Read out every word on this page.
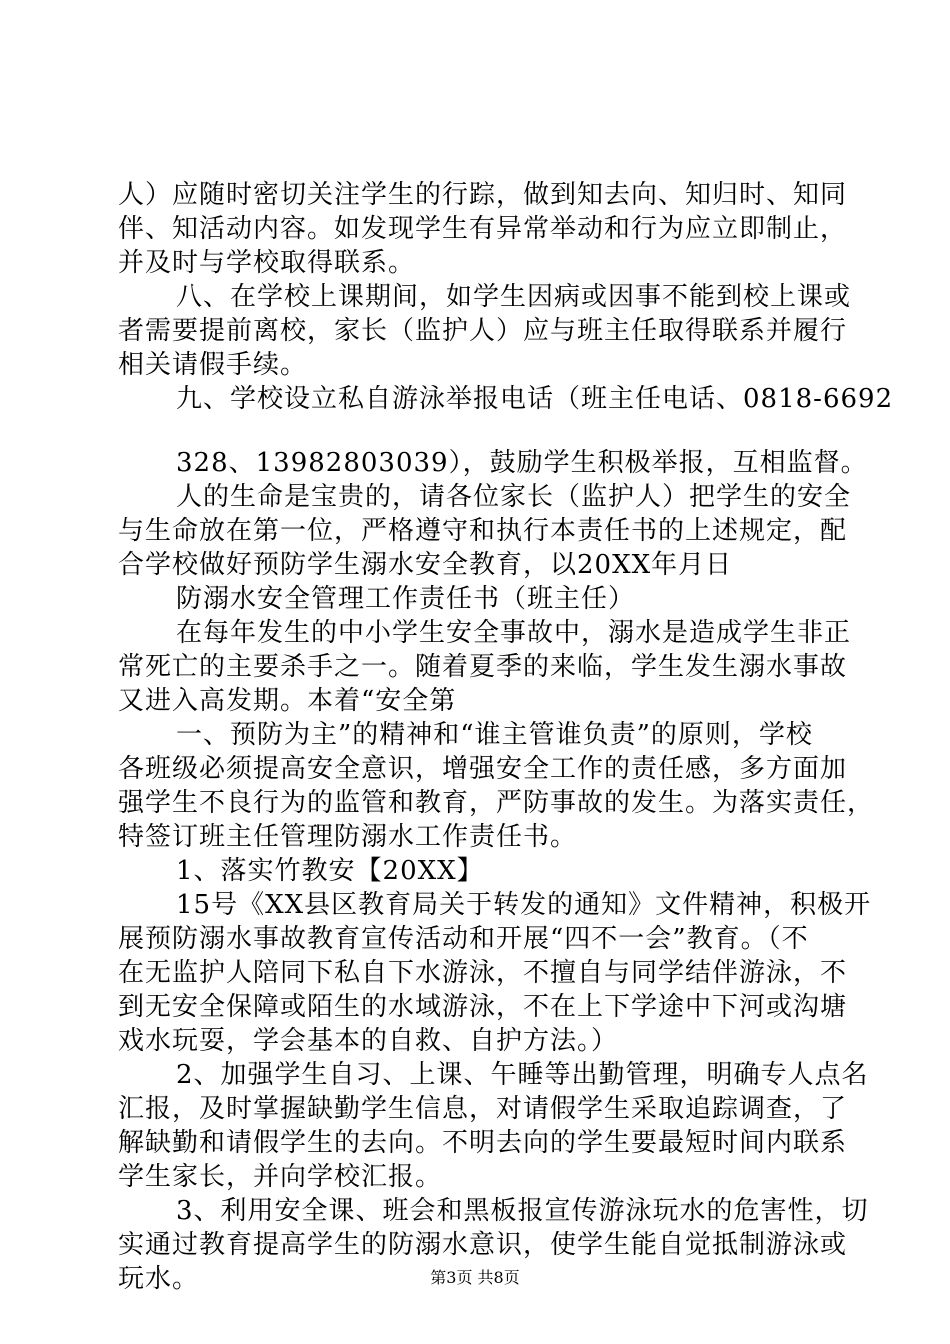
人）应随时密切关注学生的行踪，做到知去向、知归时、知同
伴、知活动内容。如发现学生有异常举动和行为应立即制止，
并及时与学校取得联系。
八、在学校上课期间，如学生因病或因事不能到校上课或
者需要提前离校，家长（监护人）应与班主任取得联系并履行
相关请假手续。
九、学校设立私自游泳举报电话（班主任电话、0818-6692
328、13982803039），鼓励学生积极举报，互相监督。
人的生命是宝贵的，请各位家长（监护人）把学生的安全
与生命放在第一位，严格遵守和执行本责任书的上述规定，配
合学校做好预防学生溺水安全教育，以20XX年月日
防溺水安全管理工作责任书（班主任）
在每年发生的中小学生安全事故中，溺水是造成学生非正
常死亡的主要杀手之一。随着夏季的来临，学生发生溺水事故
又进入高发期。本着“安全第
一、预防为主”的精神和“谁主管谁负责”的原则，学校
各班级必须提高安全意识，增强安全工作的责任感，多方面加
强学生不良行为的监管和教育，严防事故的发生。为落实责任，
特签订班主任管理防溺水工作责任书。
1、落实竹教安【20XX】
15号《XX县区教育局关于转发的通知》文件精神，积极开
展预防溺水事故教育宣传活动和开展“四不一会”教育。（不
在无监护人陪同下私自下水游泳，不擅自与同学结伴游泳，不
到无安全保障或陌生的水域游泳，不在上下学途中下河或沟塘
戏水玩耍，学会基本的自救、自护方法。）
2、加强学生自习、上课、午睡等出勤管理，明确专人点名
汇报，及时掌握缺勤学生信息，对请假学生采取追踪调查，了
解缺勤和请假学生的去向。不明去向的学生要最短时间内联系
学生家长，并向学校汇报。
3、利用安全课、班会和黑板报宣传游泳玩水的危害性，切
实通过教育提高学生的防溺水意识，使学生能自觉抵制游泳或
玩水。	第3页 共8页
